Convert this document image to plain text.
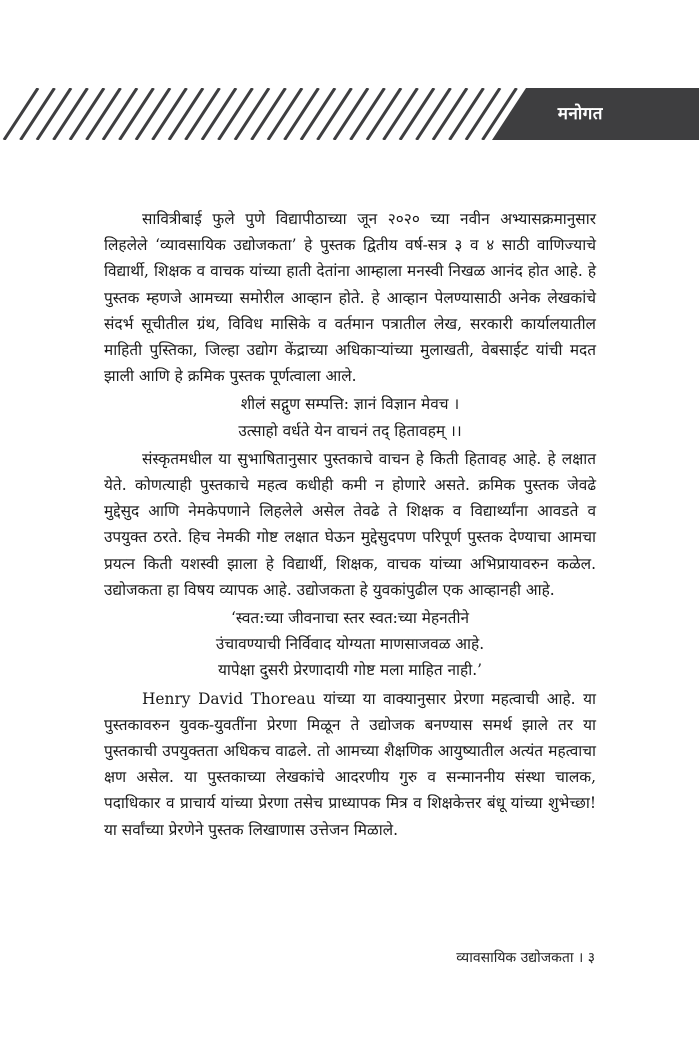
मनोगत

सावित्रीबाई फुले पुणे विद्यापीठाच्या जून २०२० च्या नवीन अभ्यासक्रमानुसार लिहलेले ‘व्यावसायिक उद्योजकता’ हे पुस्तक द्वितीय वर्ष-सत्र ३ व ४ साठी वाणिज्याचे विद्यार्थी, शिक्षक व वाचक यांच्या हाती देतांना आम्हाला मनस्वी निखळ आनंद होत आहे. हे पुस्तक म्हणजे आमच्या समोरील आव्हान होते. हे आव्हान पेलण्यासाठी अनेक लेखकांचे संदर्भ सूचीतील ग्रंथ, विविध मासिके व वर्तमान पत्रातील लेख, सरकारी कार्यालयातील माहिती पुस्तिका, जिल्हा उद्योग केंद्राच्या अधिकाऱ्यांच्या मुलाखती, वेबसाईट यांची मदत झाली आणि हे क्रमिक पुस्तक पूर्णत्वाला आले.

शीलं सद्गुण सम्पत्ति: ज्ञानं विज्ञान मेवच ।
उत्साहो वर्धते येन वाचनं तद् हितावहम् ।।

संस्कृतमधील या सुभाषितानुसार पुस्तकाचे वाचन हे किती हितावह आहे. हे लक्षात येते. कोणत्याही पुस्तकाचे महत्व कधीही कमी न होणारे असते. क्रमिक पुस्तक जेवढे मुद्देसुद आणि नेमकेपणाने लिहलेले असेल तेवढे ते शिक्षक व विद्यार्थ्यांना आवडते व उपयुक्त ठरते. हिच नेमकी गोष्ट लक्षात घेऊन मुद्देसुदपण परिपूर्ण पुस्तक देण्याचा आमचा प्रयत्न किती यशस्वी झाला हे विद्यार्थी, शिक्षक, वाचक यांच्या अभिप्रायावरुन कळेल. उद्योजकता हा विषय व्यापक आहे. उद्योजकता हे युवकांपुढील एक आव्हानही आहे.

‘स्वत:च्या जीवनाचा स्तर स्वत:च्या मेहनतीने
उंचावण्याची निर्विवाद योग्यता माणसाजवळ आहे.
यापेक्षा दुसरी प्रेरणादायी गोष्ट मला माहित नाही.’

Henry David Thoreau यांच्या या वाक्यानुसार प्रेरणा महत्वाची आहे. या पुस्तकावरुन युवक-युवतींना प्रेरणा मिळून ते उद्योजक बनण्यास समर्थ झाले तर या पुस्तकाची उपयुक्तता अधिकच वाढले. तो आमच्या शैक्षणिक आयुष्यातील अत्यंत महत्वाचा क्षण असेल. या पुस्तकाच्या लेखकांचे आदरणीय गुरु व सन्माननीय संस्था चालक, पदाधिकार व प्राचार्य यांच्या प्रेरणा तसेच प्राध्यापक मित्र व शिक्षकेत्तर बंधू यांच्या शुभेच्छा! या सर्वांच्या प्रेरणेने पुस्तक लिखाणास उत्तेजन मिळाले.

व्यावसायिक उद्योजकता । ३
